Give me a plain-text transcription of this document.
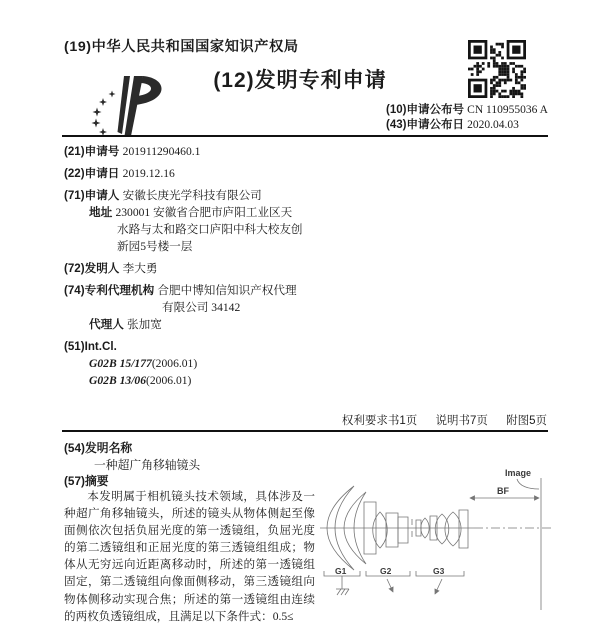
(19)中华人民共和国国家知识产权局
(12)发明专利申请
(10)申请公布号 CN 110955036 A
(43)申请公布日 2020.04.03
(21)申请号 201911290460.1
(22)申请日 2019.12.16
(71)申请人 安徽长庚光学科技有限公司
地址 230001 安徽省合肥市庐阳工业区天
水路与太和路交口庐阳中科大校友创
新园5号楼一层
(72)发明人 李大勇
(74)专利代理机构 合肥中博知信知识产权代理
有限公司 34142
代理人 张加宽
(51)Int.Cl.
G02B 15/177(2006.01)
G02B 13/06(2006.01)
权利要求书1页 说明书7页 附图5页
(54)发明名称
一种超广角移轴镜头
(57)摘要
本发明属于相机镜头技术领域，具体涉及一种超广角移轴镜头，所述的镜头从物体侧起至像面侧依次包括负屈光度的第一透镜组，负屈光度的第二透镜组和正屈光度的第三透镜组组成；物体从无穷远向近距离移动时，所述的第一透镜组固定，第二透镜组向像面侧移动，第三透镜组向物体侧移动实现合焦；所述的第一透镜组由连续的两枚负透镜组成，且满足以下条件式：0.5≤
Image
BF
G1	G2	G3
